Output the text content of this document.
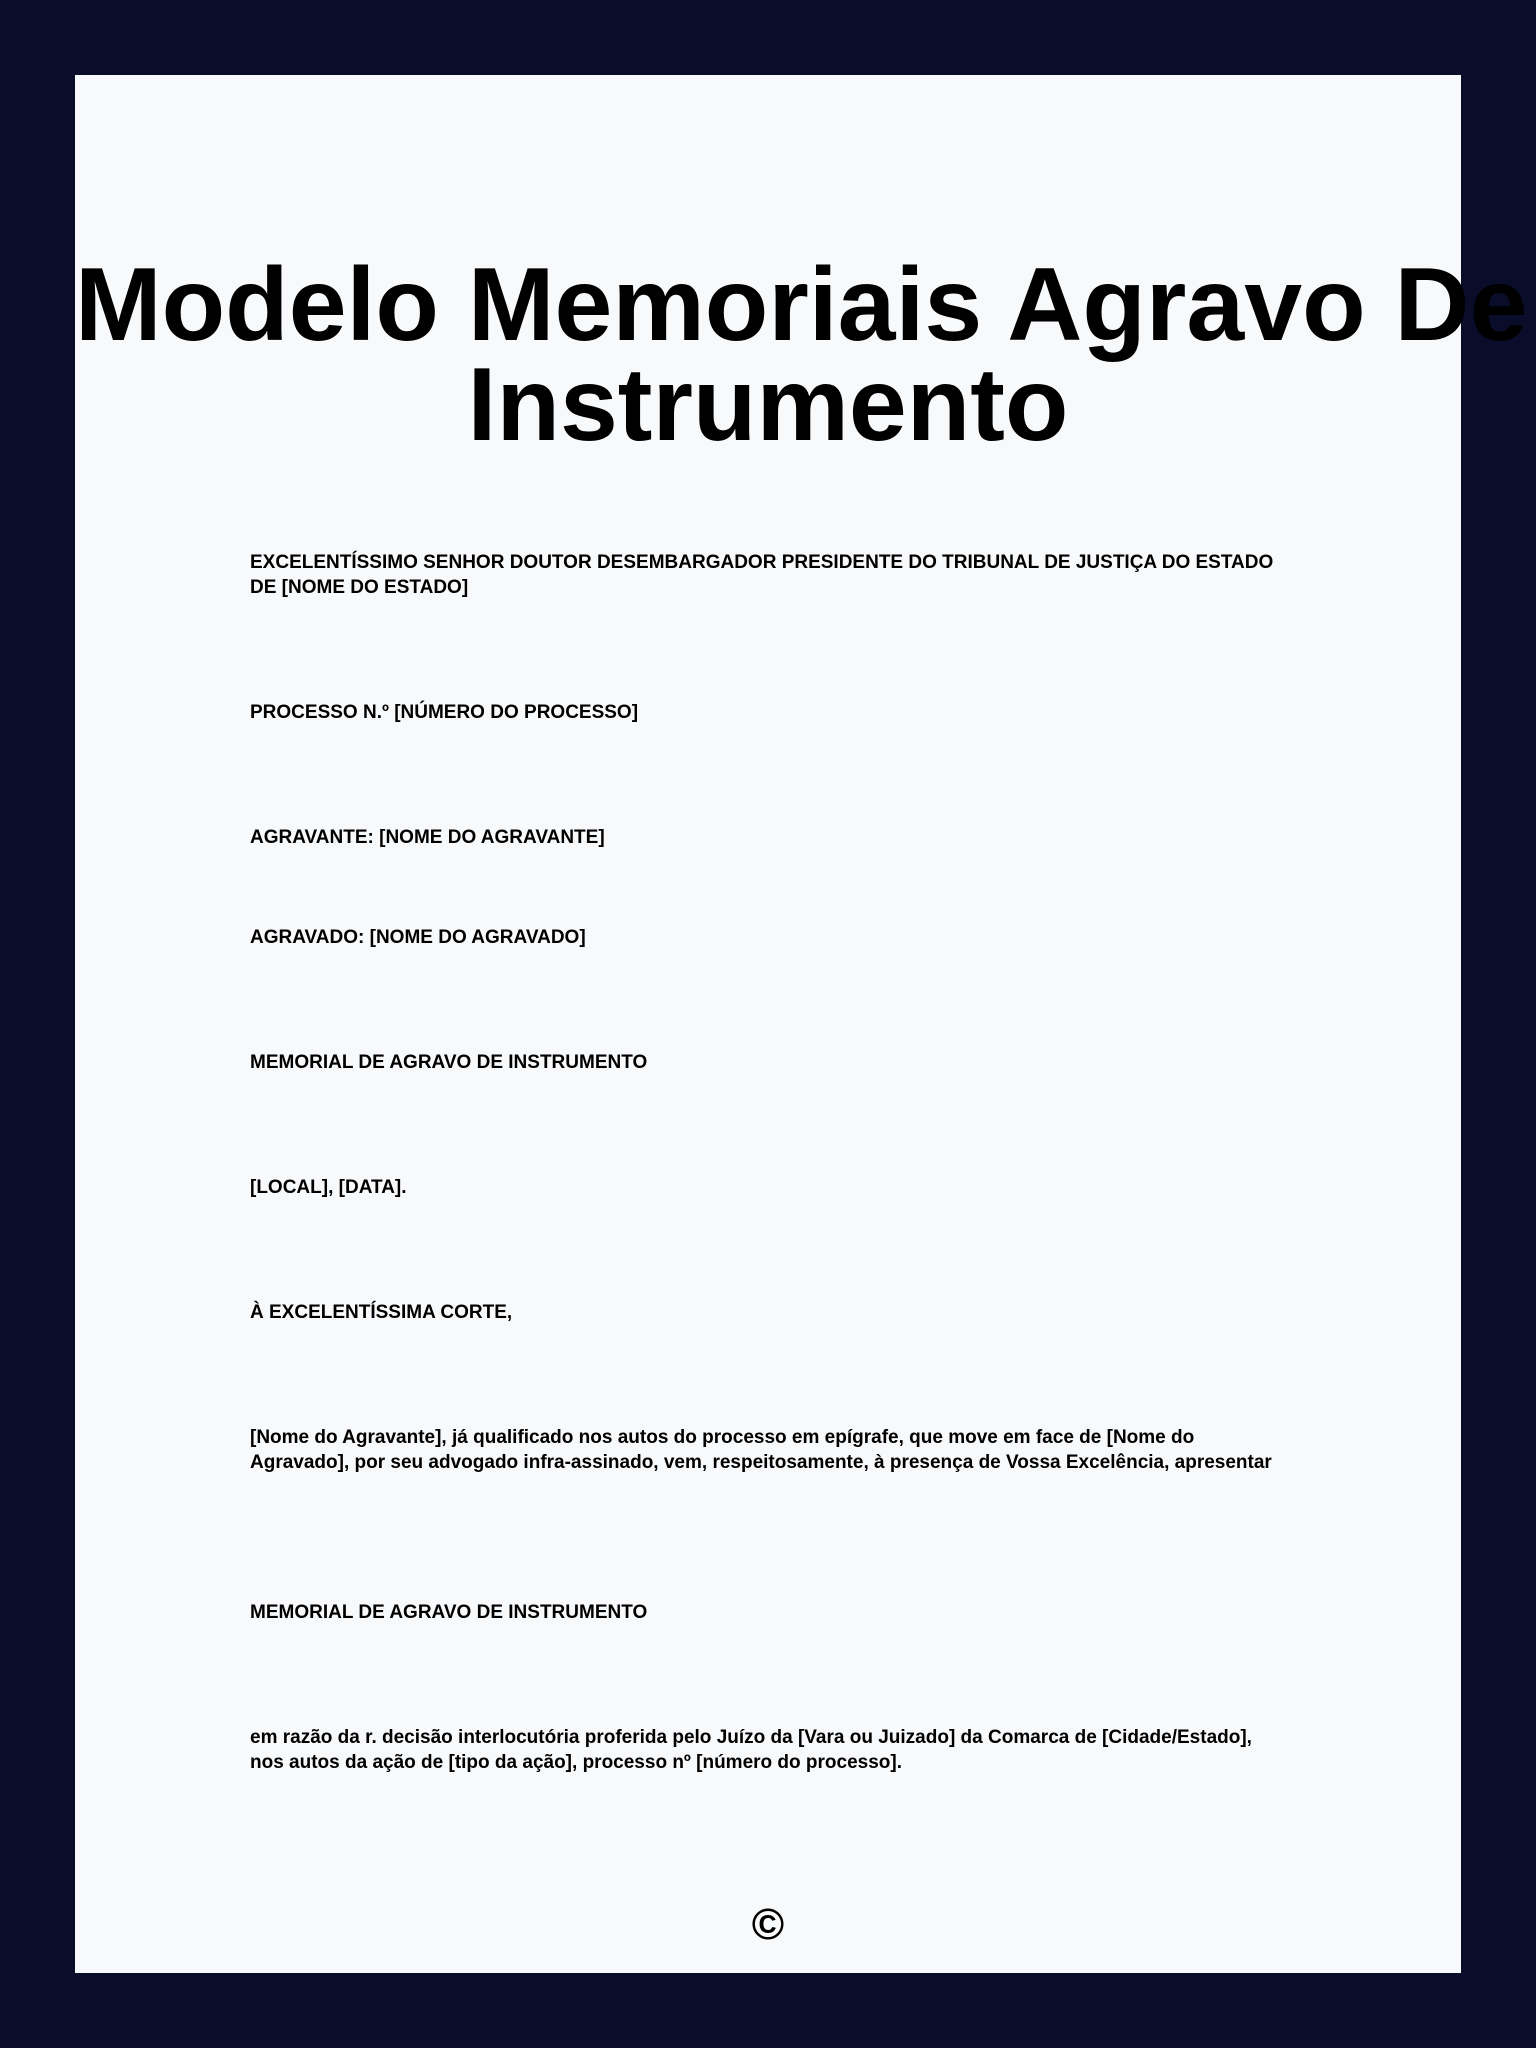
Modelo Memoriais Agravo De
Instrumento

EXCELENTÍSSIMO SENHOR DOUTOR DESEMBARGADOR PRESIDENTE DO TRIBUNAL DE JUSTIÇA DO ESTADO DE [NOME DO ESTADO]

PROCESSO N.º [NÚMERO DO PROCESSO]

AGRAVANTE: [NOME DO AGRAVANTE]

AGRAVADO: [NOME DO AGRAVADO]

MEMORIAL DE AGRAVO DE INSTRUMENTO

[LOCAL], [DATA].

À EXCELENTÍSSIMA CORTE,

[Nome do Agravante], já qualificado nos autos do processo em epígrafe, que move em face de [Nome do Agravado], por seu advogado infra-assinado, vem, respeitosamente, à presença de Vossa Excelência, apresentar

MEMORIAL DE AGRAVO DE INSTRUMENTO

em razão da r. decisão interlocutória proferida pelo Juízo da [Vara ou Juizado] da Comarca de [Cidade/Estado], nos autos da ação de [tipo da ação], processo nº [número do processo].

©
